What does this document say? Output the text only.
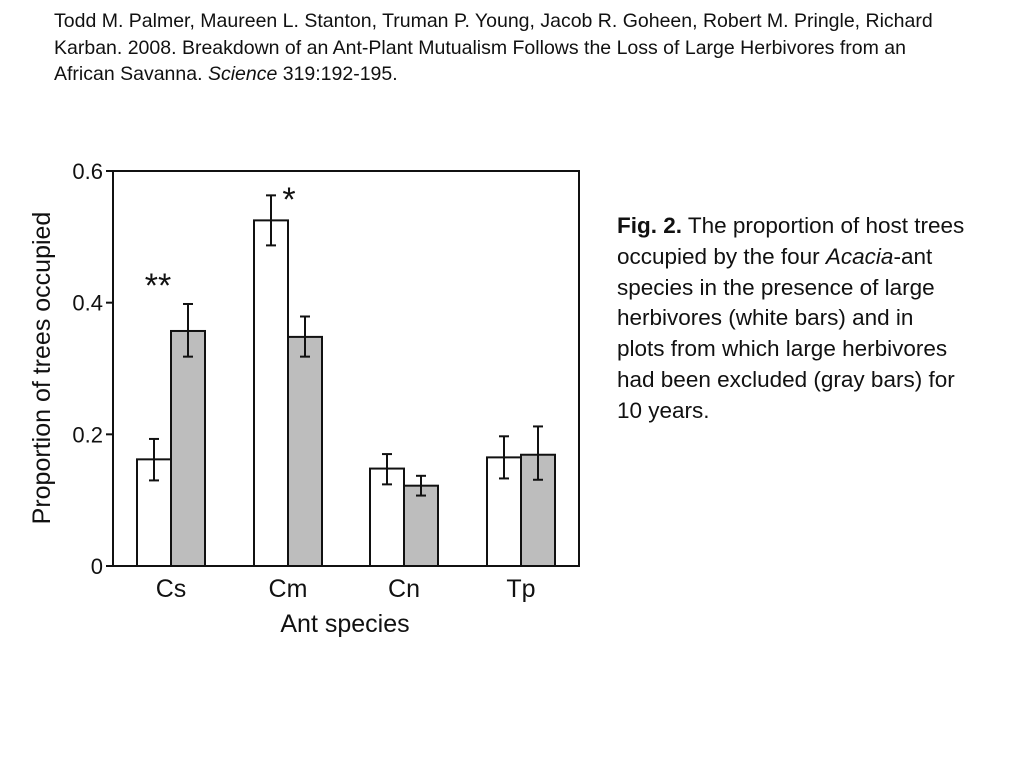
Todd M. Palmer, Maureen L. Stanton, Truman P. Young, Jacob R. Goheen, Robert M. Pringle, Richard Karban. 2008. Breakdown of an Ant-Plant Mutualism Follows the Loss of Large Herbivores from an African Savanna. Science 319:192-195.
0
0.2
0.4
0.6
Cs	Cm	Cn	Tp
**
*
Proportion of trees occupied
Ant species
Fig. 2. The proportion of host trees occupied by the four Acacia-ant species in the presence of large herbivores (white bars) and in plots from which large herbivores had been excluded (gray bars) for 10 years.
